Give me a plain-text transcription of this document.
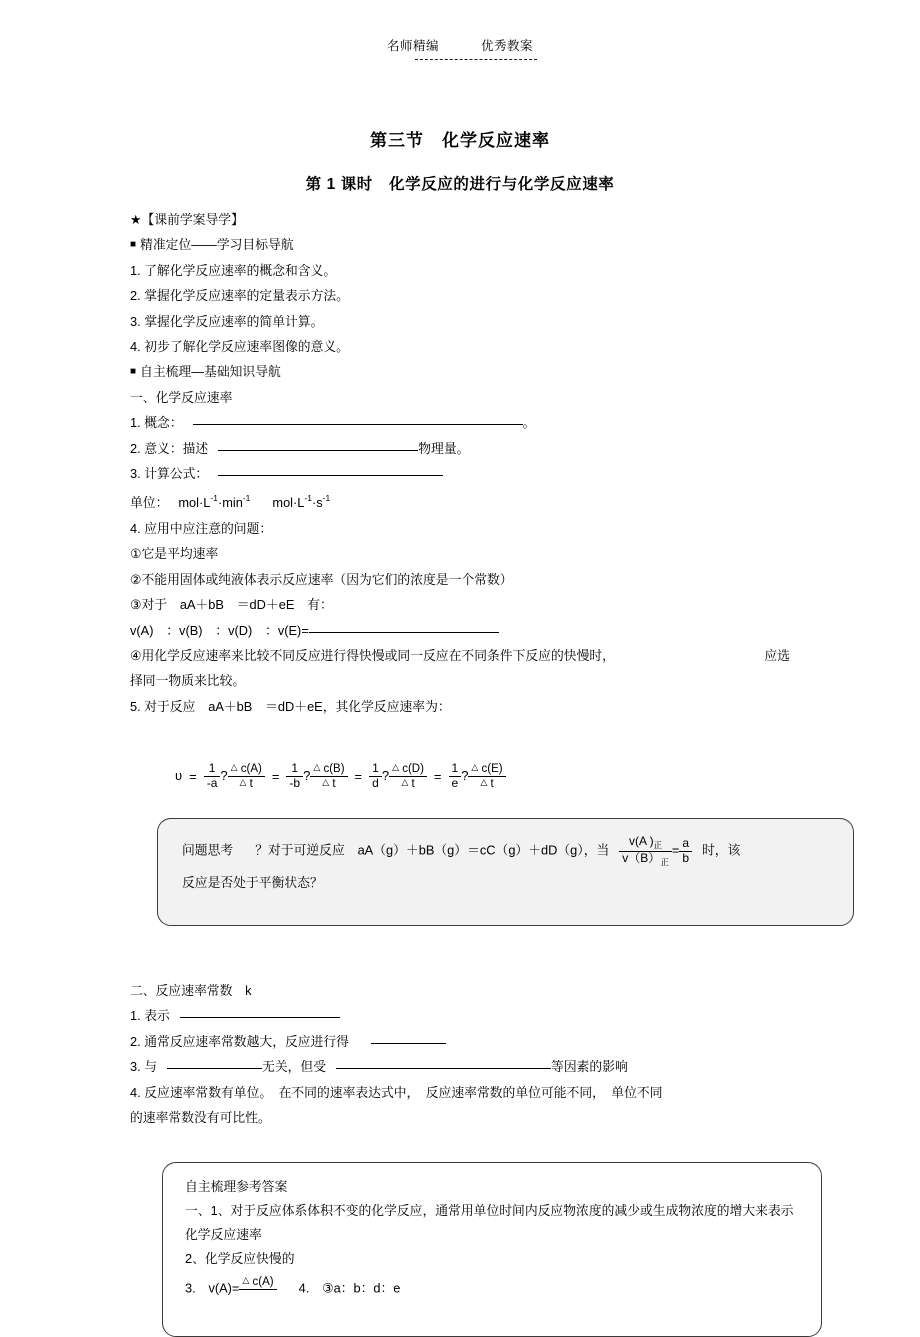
名师精编	优秀教案
第三节　化学反应速率
第 1 课时　化学反应的进行与化学反应速率
★【课前学案导学】
■ 精准定位——学习目标导航
1. 了解化学反应速率的概念和含义。
2. 掌握化学反应速率的定量表示方法。
3. 掌握化学反应速率的简单计算。
4. 初步了解化学反应速率图像的意义。
■ 自主梳理—基础知识导航
一、化学反应速率
1. 概念：	。
2. 意义：描述	物理量。
3. 计算公式：
单位： $mol\cdot L^{-1}\cdot\min^{-1}$ $mol\cdot L^{-1}\cdot s^{-1}$
4. 应用中应注意的问题：
①它是平均速率
②不能用固体或纯液体表示反应速率（因为它们的浓度是一个常数）
③对于　aA＋bB　＝dD＋eE　有：
v(A)　：v(B)　：v(D)　：v(E)=
④用化学反应速率来比较不同反应进行得快慢或同一反应在不同条件下反应的快慢时，	应选
择同一物质来比较。
5. 对于反应　aA＋bB　＝dD＋eE，其化学反应速率为：
$\upsilon = \frac{1}{-a}$ ? $\frac{\triangle c(A)}{\triangle t} = \frac{1}{-b}$ ? $\frac{\triangle c(B)}{\triangle t} = \frac{1}{d}$ ? $\frac{\triangle c(D)}{\triangle t} = \frac{1}{e}$ ? $\frac{\triangle c(E)}{\triangle t}$
问题思考 ？对于可逆反应　aA（g）＋bB（g）＝cC（g）＋dD（g），当 $\frac{v(A )_正}{v(B)_正} = \frac{a}{b}$ 时，该
反应是否处于平衡状态？
二、反应速率常数　k
1. 表示
2. 通常反应速率常数越大，反应进行得
3. 与	无关，但受	等因素的影响
4. 反应速率常数有单位。　在不同的速率表达式中，　反应速率常数的单位可能不同，　单位不同
的速率常数没有可比性。
自主梳理参考答案
一、1、对于反应体系体积不变的化学反应，通常用单位时间内反应物浓度的减少或生成物浓度的增大来表示化学反应速率
2、化学反应快慢的
3.　v(A)=
△ c(A)
4.　③a：b：d：e
